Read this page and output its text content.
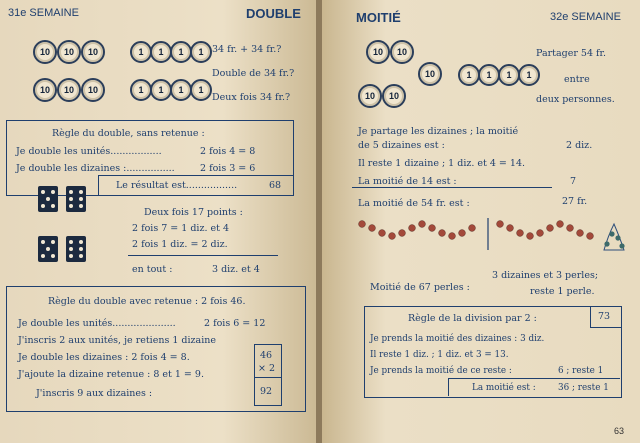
31e SEMAINE	DOUBLE
10	10	10	1	1	1	1
10	10	10	1	1	1	1
34 fr. + 34 fr.?
Double de 34 fr.?
Deux fois 34 fr.?
Règle du double, sans retenue :
Je double les unités.................	2 fois 4 = 8
Je double les dizaines :................	2 fois 3 = 6
Le résultat est.................	68
Deux fois 17 points :
2 fois 7 = 1 diz. et 4
2 fois 1 diz. = 2 diz.
en tout :	3 diz. et 4
Règle du double avec retenue : 2 fois 46.
Je double les unités.....................	2 fois 6 = 12
J'inscris 2 aux unités, je retiens 1 dizaine
Je double les dizaines : 2 fois 4 = 8.
J'ajoute la dizaine retenue : 8 et 1 = 9.
J'inscris 9 aux dizaines :
46
× 2
92
MOITIÉ	32e SEMAINE
10	10
10	10
10	1	1	1	1
Partager 54 fr.
entre
deux personnes.
Je partage les dizaines ; la moitié
de 5 dizaines est :	2 diz.
Il reste 1 dizaine ; 1 diz. et 4 = 14.
La moitié de 14 est :	7
La moitié de 54 fr. est :	27 fr.
Moitié de 67 perles :
3 dizaines et 3 perles;
reste 1 perle.
Règle de la division par 2 :	73
Je prends la moitié des dizaines : 3 diz.
Il reste 1 diz. ; 1 diz. et 3 = 13.
Je prends la moitié de ce reste :	6 ; reste 1
La moitié est :	36 ; reste 1
63
